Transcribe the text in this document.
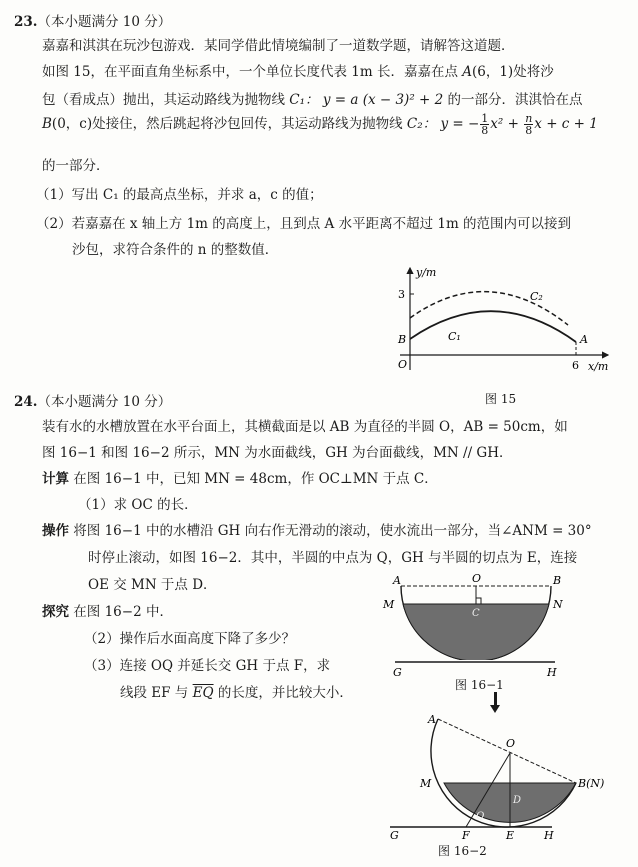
23.（本小题满分 10 分）
嘉嘉和淇淇在玩沙包游戏．某同学借此情境编制了一道数学题，请解答这道题．
如图 15，在平面直角坐标系中，一个单位长度代表 1m 长．嘉嘉在点 A(6，1)处将沙
包（看成点）抛出，其运动路线为抛物线 C₁： y = a (x − 3)² + 2 的一部分．淇淇恰在点
B(0，c)处接住，然后跳起将沙包回传，其运动路线为抛物线 C₂： y = − $\frac{1}{8} x^2 + \frac{n}{8}$ x + c + 1
的一部分．
（1）写出 C₁ 的最高点坐标，并求 a，c 的值；
（2）若嘉嘉在 x 轴上方 1m 的高度上，且到点 A 水平距离不超过 1m 的范围内可以接到
沙包，求符合条件的 n 的整数值．
y/m
3
B	A
O	6 x/m
C₁
C₂
24.（本小题满分 10 分）	图 15
装有水的水槽放置在水平台面上，其横截面是以 AB 为直径的半圆 O，AB = 50cm，如
图 16−1 和图 16−2 所示，MN 为水面截线，GH 为台面截线，MN // GH．
计算 在图 16−1 中，已知 MN = 48cm，作 OC⊥MN 于点 C．
（1）求 OC 的长．
操作 将图 16−1 中的水槽沿 GH 向右作无滑动的滚动，使水流出一部分，当∠ANM = 30°
时停止滚动，如图 16−2．其中，半圆的中点为 Q，GH 与半圆的切点为 E，连接
OE 交 MN 于点 D．
探究 在图 16−2 中．
（2）操作后水面高度下降了多少？
（3）连接 OQ 并延长交 GH 于点 F，求
线段 EF 与 $\overline{EQ}$ 的长度，并比较大小．
A	O	B
M	N
C
G	H
图 16−1
A
O
M	B(N)
D
Q
G	F	E	H
图 16−2
